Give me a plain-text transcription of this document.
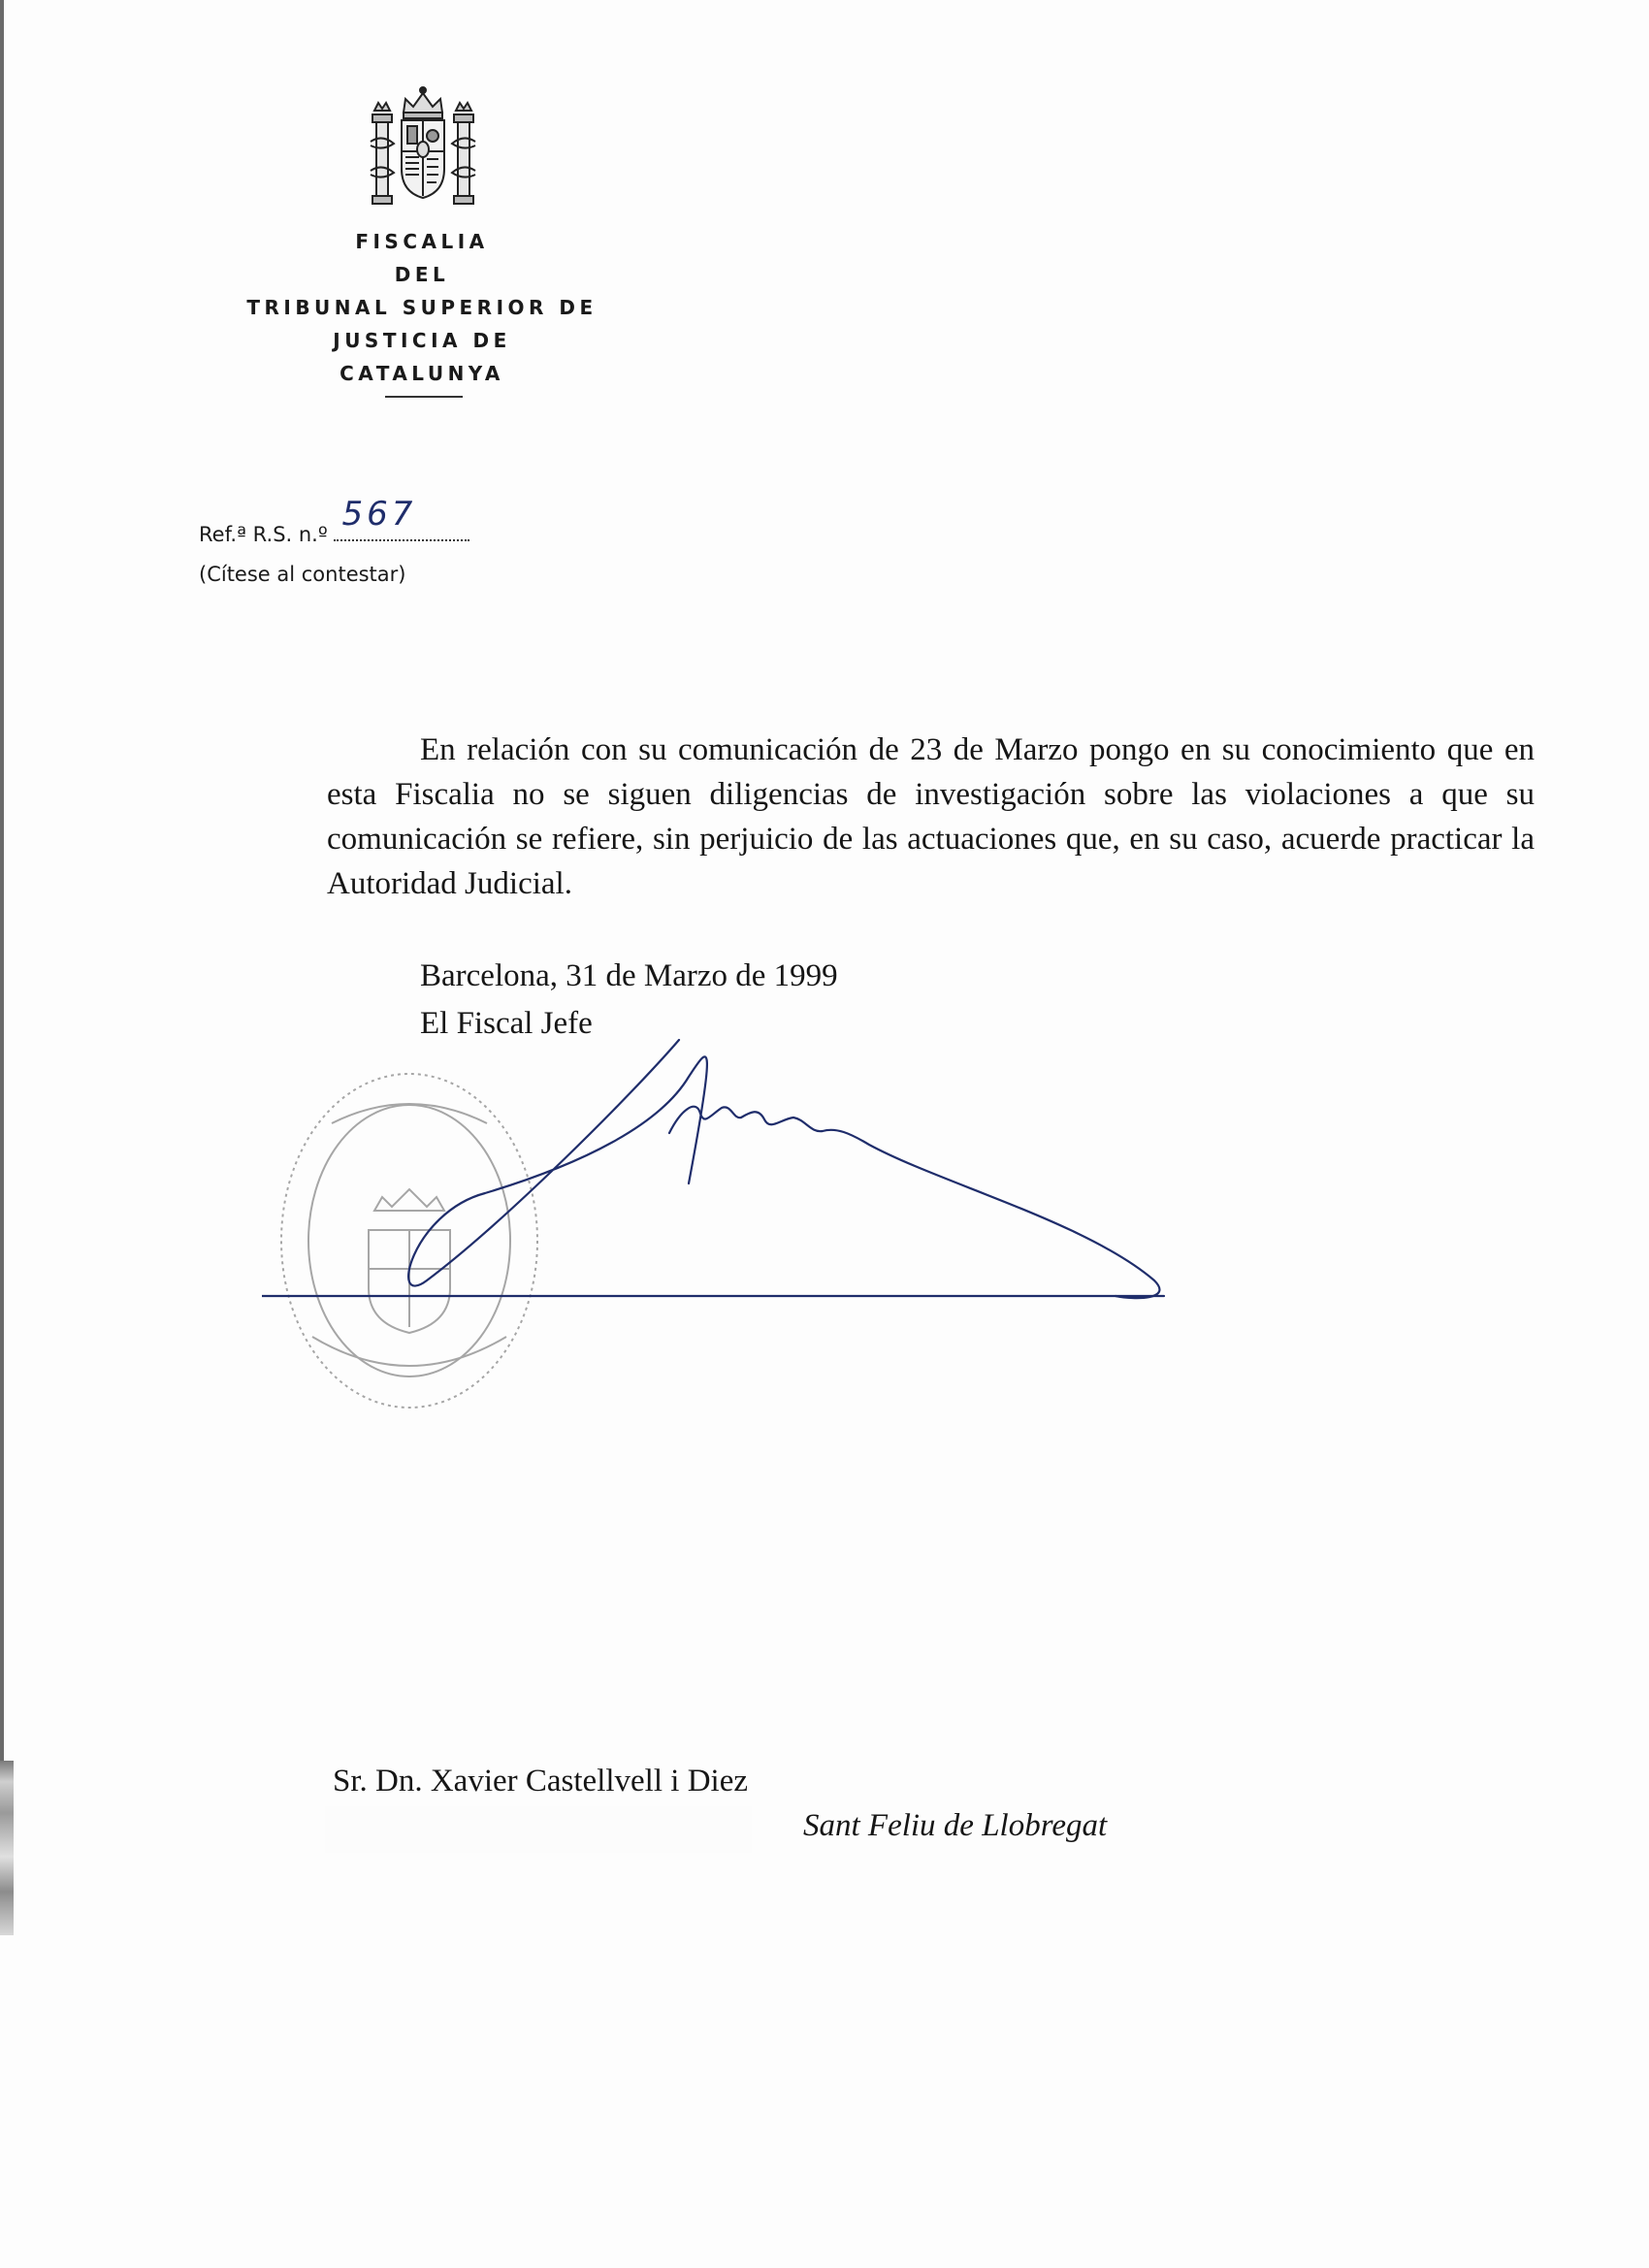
FISCALIA
DEL
TRIBUNAL SUPERIOR DE
JUSTICIA DE
CATALUNYA
Ref.ª R.S. n.º
567
(Cítese al contestar)
En relación con su comunicación de 23 de Marzo pongo en su conocimiento que en esta Fiscalia no se siguen diligencias de investigación sobre las violaciones a que su comunicación se refiere, sin perjuicio de las actuaciones que, en su caso, acuerde practicar la Autoridad Judicial.
Barcelona, 31 de Marzo de 1999
El Fiscal Jefe
Sr. Dn. Xavier Castellvell i Diez
Sant Feliu de Llobregat
